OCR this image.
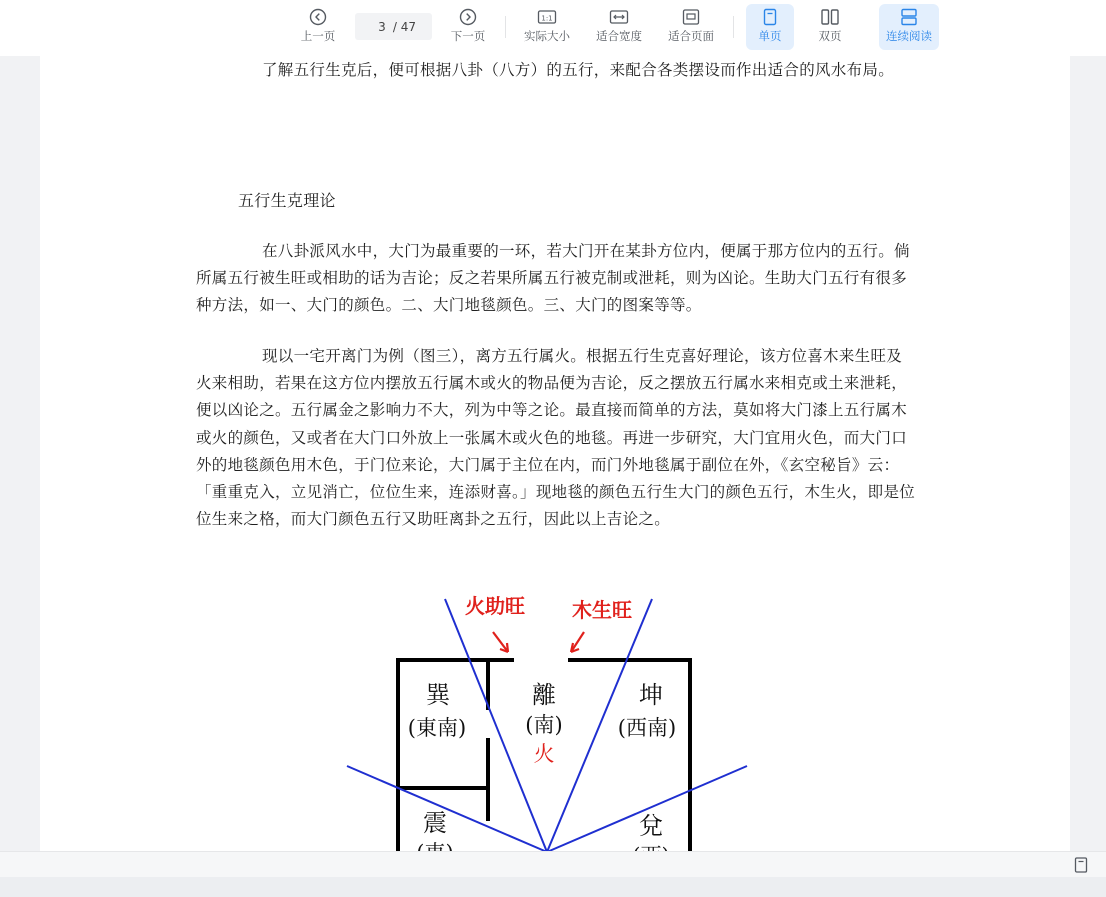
上一页
3
/ 47
下一页
1:1
实际大小 适合宽度 适合页面	单页	双页	连续阅读
了解五行生克后，便可根据八卦（八方）的五行，来配合各类摆设而作出适合的风水布局。
五行生克理论
在八卦派风水中，大门为最重要的一环，若大门开在某卦方位内，便属于那方位内的五行。倘所属五行被生旺或相助的话为吉论；反之若果所属五行被克制或泄耗，则为凶论。生助大门五行有很多种方法，如一、大门的颜色。二、大门地毯颜色。三、大门的图案等等。
现以一宅开离门为例（图三），离方五行属火。根据五行生克喜好理论，该方位喜木来生旺及火来相助，若果在这方位内摆放五行属木或火的物品便为吉论，反之摆放五行属水来相克或土来泄耗，便以凶论之。五行属金之影响力不大，列为中等之论。最直接而简单的方法，莫如将大门漆上五行属木或火的颜色，又或者在大门口外放上一张属木或火色的地毯。再进一步研究，大门宜用火色，而大门口外的地毯颜色用木色，于门位来论，大门属于主位在内，而门外地毯属于副位在外，《玄空秘旨》云：「重重克入，立见消亡，位位生来，连添财喜。」现地毯的颜色五行生大门的颜色五行，木生火，即是位位生来之格，而大门颜色五行又助旺离卦之五行，因此以上吉论之。
火助旺 木生旺
巽
(東南)
離
(南)
火
坤
(西南)
震	兌
